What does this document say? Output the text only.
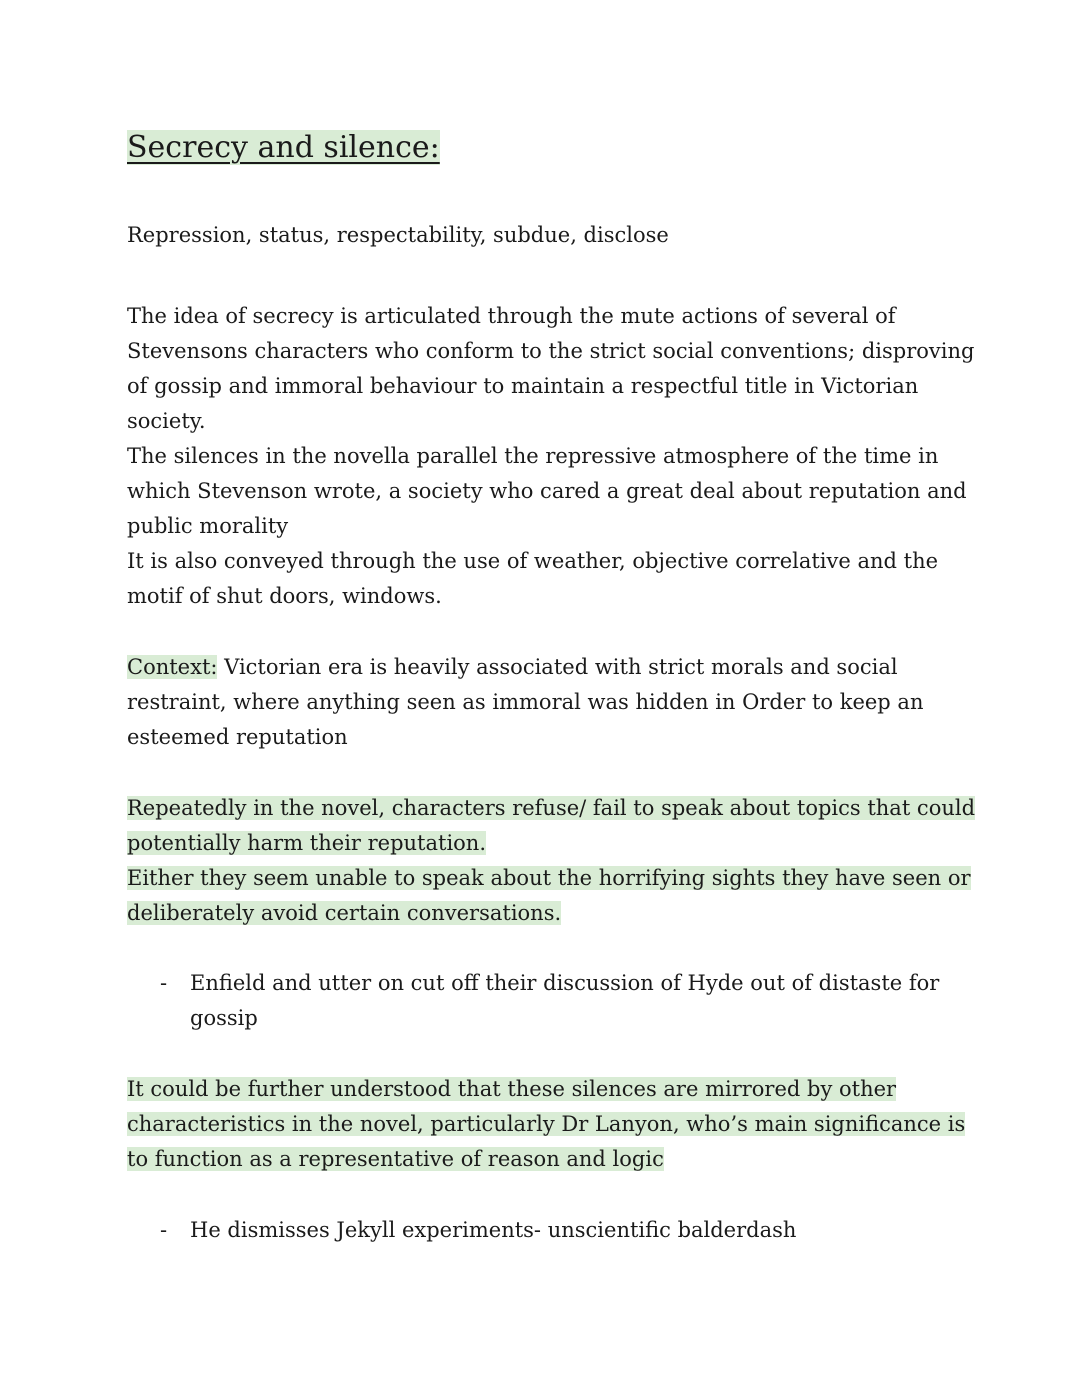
Secrecy and silence:

Repression, status, respectability, subdue, disclose

The idea of secrecy is articulated through the mute actions of several of
Stevensons characters who conform to the strict social conventions; disproving
of gossip and immoral behaviour to maintain a respectful title in Victorian
society.
The silences in the novella parallel the repressive atmosphere of the time in
which Stevenson wrote, a society who cared a great deal about reputation and
public morality
It is also conveyed through the use of weather, objective correlative and the
motif of shut doors, windows.

Context: Victorian era is heavily associated with strict morals and social
restraint, where anything seen as immoral was hidden in Order to keep an
esteemed reputation

Repeatedly in the novel, characters refuse/ fail to speak about topics that could
potentially harm their reputation.
Either they seem unable to speak about the horrifying sights they have seen or
deliberately avoid certain conversations.

- Enfield and utter on cut off their discussion of Hyde out of distaste for
gossip

It could be further understood that these silences are mirrored by other
characteristics in the novel, particularly Dr Lanyon, who’s main significance is
to function as a representative of reason and logic

- He dismisses Jekyll experiments- unscientific balderdash
